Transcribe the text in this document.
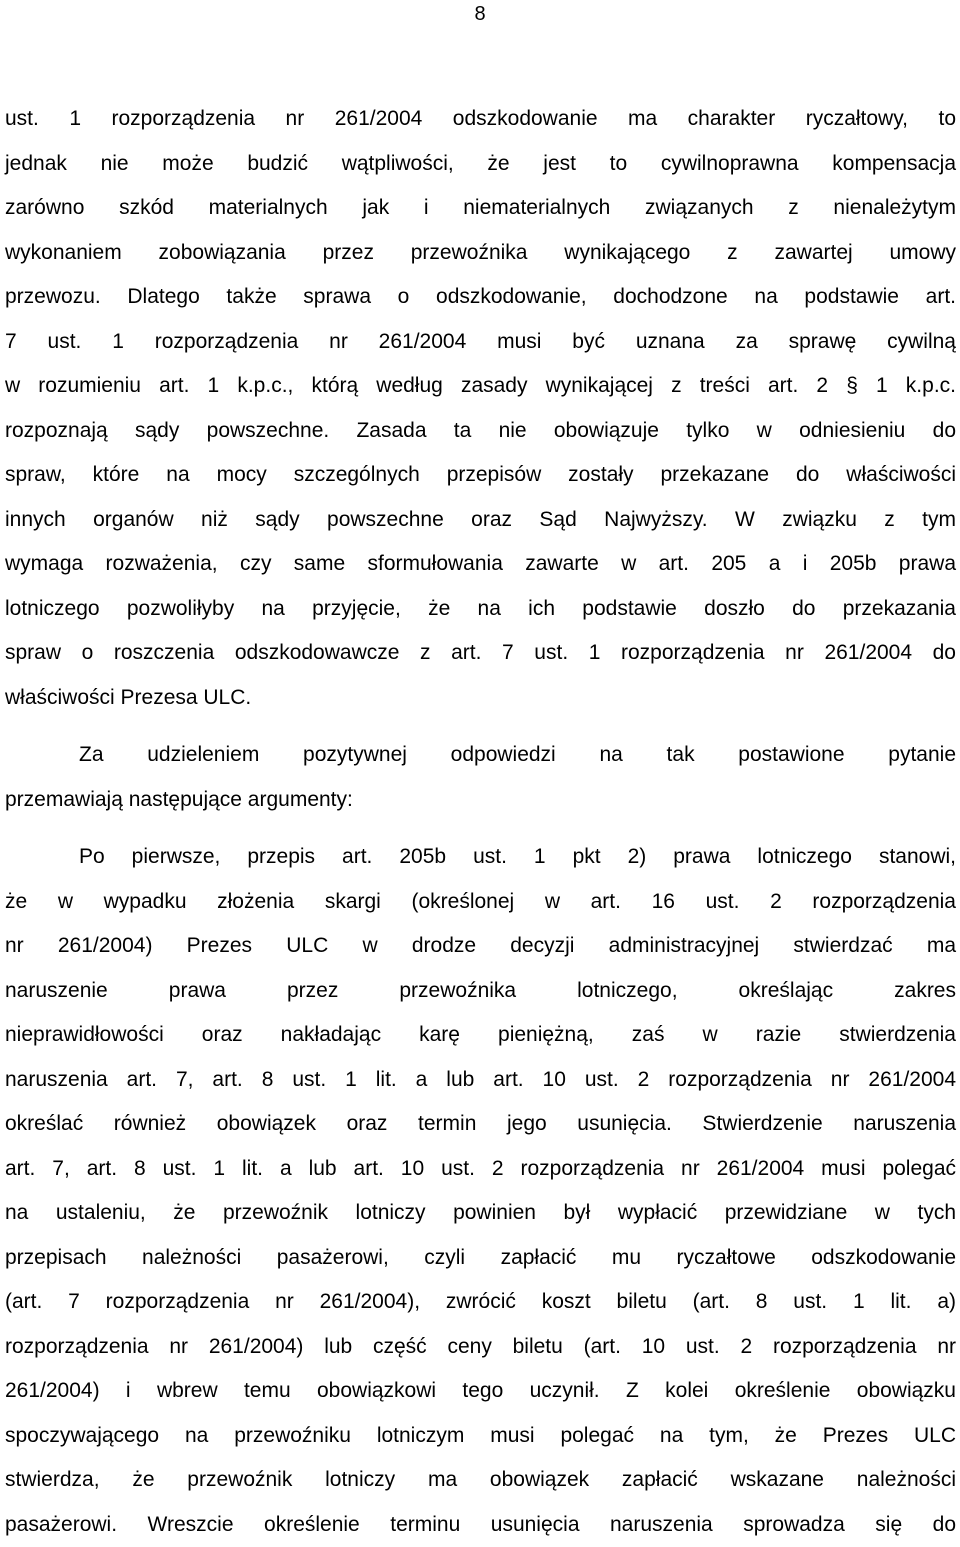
8
ust. 1 rozporządzenia nr 261/2004 odszkodowanie ma charakter ryczałtowy, to
jednak nie może budzić wątpliwości, że jest to cywilnoprawna kompensacja
zarówno szkód materialnych jak i niematerialnych związanych z nienależytym
wykonaniem zobowiązania przez przewoźnika wynikającego z zawartej umowy
przewozu. Dlatego także sprawa o odszkodowanie, dochodzone na podstawie art.
7 ust. 1 rozporządzenia nr 261/2004 musi być uznana za sprawę cywilną
w rozumieniu art. 1 k.p.c., którą według zasady wynikającej z treści art. 2 § 1 k.p.c.
rozpoznają sądy powszechne. Zasada ta nie obowiązuje tylko w odniesieniu do
spraw, które na mocy szczególnych przepisów zostały przekazane do właściwości
innych organów niż sądy powszechne oraz Sąd Najwyższy. W związku z tym
wymaga rozważenia, czy same sformułowania zawarte w art. 205 a i 205b prawa
lotniczego pozwoliłyby na przyjęcie, że na ich podstawie doszło do przekazania
spraw o roszczenia odszkodowawcze z art. 7 ust. 1 rozporządzenia nr 261/2004 do
właściwości Prezesa ULC.
Za udzieleniem pozytywnej odpowiedzi na tak postawione pytanie
przemawiają następujące argumenty:
Po pierwsze, przepis art. 205b ust. 1 pkt 2) prawa lotniczego stanowi,
że w wypadku złożenia skargi (określonej w art. 16 ust. 2 rozporządzenia
nr 261/2004) Prezes ULC w drodze decyzji administracyjnej stwierdzać ma
naruszenie prawa przez przewoźnika lotniczego, określając zakres
nieprawidłowości oraz nakładając karę pieniężną, zaś w razie stwierdzenia
naruszenia art. 7, art. 8 ust. 1 lit. a lub art. 10 ust. 2 rozporządzenia nr 261/2004
określać również obowiązek oraz termin jego usunięcia. Stwierdzenie naruszenia
art. 7, art. 8 ust. 1 lit. a lub art. 10 ust. 2 rozporządzenia nr 261/2004 musi polegać
na ustaleniu, że przewoźnik lotniczy powinien był wypłacić przewidziane w tych
przepisach należności pasażerowi, czyli zapłacić mu ryczałtowe odszkodowanie
(art. 7 rozporządzenia nr 261/2004), zwrócić koszt biletu (art. 8 ust. 1 lit. a)
rozporządzenia nr 261/2004) lub część ceny biletu (art. 10 ust. 2 rozporządzenia nr
261/2004) i wbrew temu obowiązkowi tego uczynił. Z kolei określenie obowiązku
spoczywającego na przewoźniku lotniczym musi polegać na tym, że Prezes ULC
stwierdza, że przewoźnik lotniczy ma obowiązek zapłacić wskazane należności
pasażerowi. Wreszcie określenie terminu usunięcia naruszenia sprowadza się do
